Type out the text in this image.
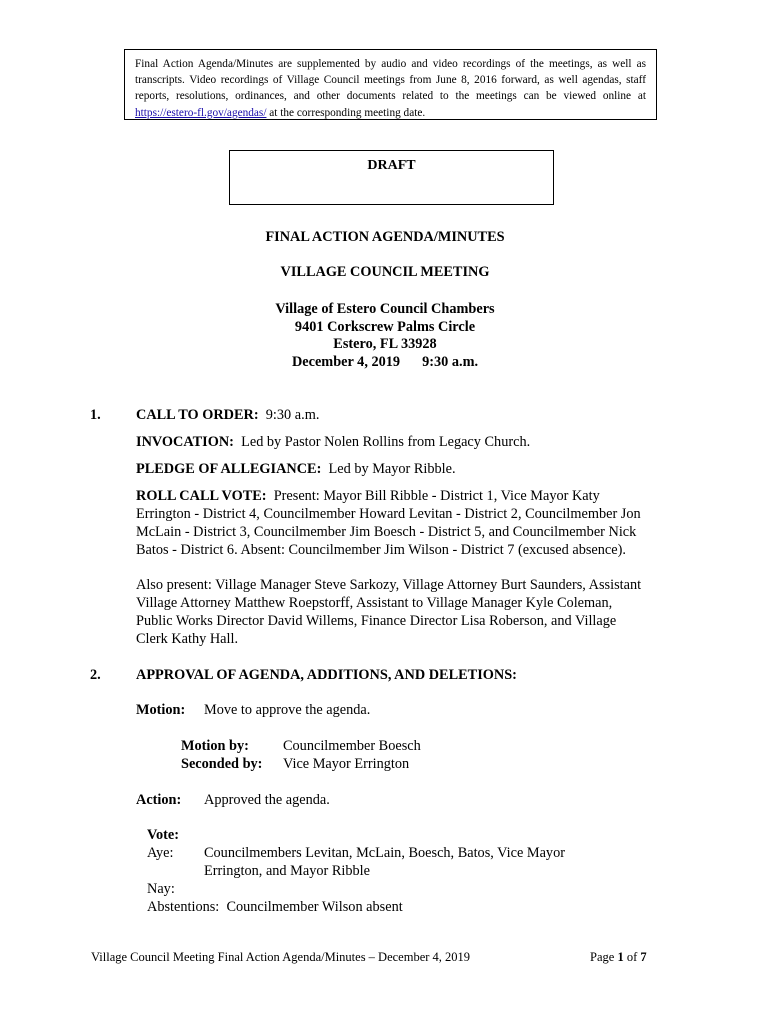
Final Action Agenda/Minutes are supplemented by audio and video recordings of the meetings, as well as transcripts. Video recordings of Village Council meetings from June 8, 2016 forward, as well agendas, staff reports, resolutions, ordinances, and other documents related to the meetings can be viewed online at https://estero-fl.gov/agendas/ at the corresponding meeting date.
DRAFT
FINAL ACTION AGENDA/MINUTES
VILLAGE COUNCIL MEETING
Village of Estero Council Chambers
9401 Corkscrew Palms Circle
Estero, FL 33928
December 4, 2019 9:30 a.m.
1. CALL TO ORDER: 9:30 a.m.
INVOCATION: Led by Pastor Nolen Rollins from Legacy Church.
PLEDGE OF ALLEGIANCE: Led by Mayor Ribble.
ROLL CALL VOTE: Present: Mayor Bill Ribble - District 1, Vice Mayor Katy
Errington - District 4, Councilmember Howard Levitan - District 2, Councilmember Jon
McLain - District 3, Councilmember Jim Boesch - District 5, and Councilmember Nick
Batos - District 6. Absent: Councilmember Jim Wilson - District 7 (excused absence).
Also present: Village Manager Steve Sarkozy, Village Attorney Burt Saunders, Assistant
Village Attorney Matthew Roepstorff, Assistant to Village Manager Kyle Coleman,
Public Works Director David Willems, Finance Director Lisa Roberson, and Village
Clerk Kathy Hall.
2. APPROVAL OF AGENDA, ADDITIONS, AND DELETIONS:
Motion: Move to approve the agenda.
Motion by: Councilmember Boesch
Seconded by: Vice Mayor Errington
Action: Approved the agenda.
Vote:
Aye: Councilmembers Levitan, McLain, Boesch, Batos, Vice Mayor
Errington, and Mayor Ribble
Nay:
Abstentions: Councilmember Wilson absent
Village Council Meeting Final Action Agenda/Minutes – December 4, 2019	Page 1 of 7
